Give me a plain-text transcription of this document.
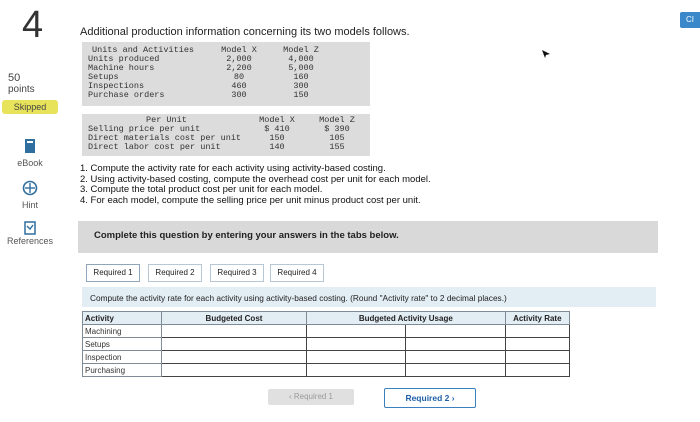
CI
4
50
points
Skipped
eBook
Hint
References
Additional production information concerning its two models follows.
Units and Activities	Model X	Model Z
Units produced	2,000	4,000
Machine hours	2,200	5,000
Setups	80	160
Inspections	460	300
Purchase orders	300	150
Per Unit	Model X	Model Z
Selling price per unit	$ 410	$ 390
Direct materials cost per unit	150	105
Direct labor cost per unit	140	155
1. Compute the activity rate for each activity using activity-based costing.
2. Using activity-based costing, compute the overhead cost per unit for each model.
3. Compute the total product cost per unit for each model.
4. For each model, compute the selling price per unit minus product cost per unit.
Complete this question by entering your answers in the tabs below.
Required 1	Required 2	Required 3	Required 4
Compute the activity rate for each activity using activity-based costing. (Round "Activity rate" to 2 decimal places.)
Activity	Budgeted Cost	Budgeted Activity Usage		Activity Rate
Machining				
Setups				
Inspection				
Purchasing				
‹ Required 1	Required 2 ›
